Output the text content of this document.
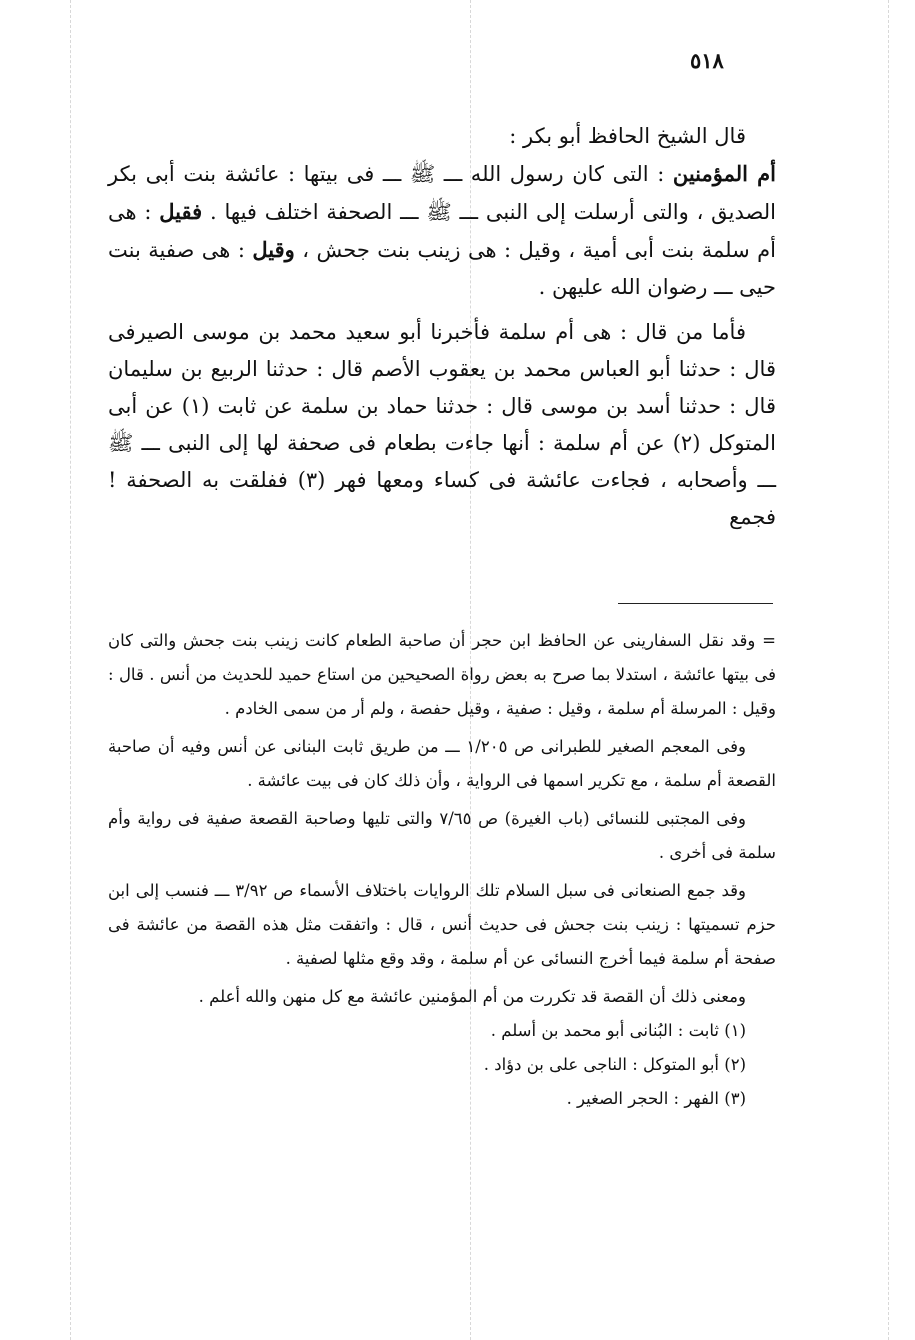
٥١٨

قال الشيخ الحافظ أبو بكر :

أم المؤمنين : التى كان رسول الله ـــ ﷺ ـــ فى بيتها : عائشة بنت أبى بكر الصديق ، والتى أرسلت إلى النبى ـــ ﷺ ـــ الصحفة اختلف فيها . فقيل : هى أم سلمة بنت أبى أمية ، وقيل : هى زينب بنت جحش ، وقيل : هى صفية بنت حيى ـــ رضوان الله عليهن .

فأما من قال : هى أم سلمة فأخبرنا أبو سعيد محمد بن موسى الصيرفى قال : حدثنا أبو العباس محمد بن يعقوب الأصم قال : حدثنا الربيع بن سليمان قال : حدثنا أسد بن موسى قال : حدثنا حماد بن سلمة عن ثابت (١) عن أبى المتوكل (٢) عن أم سلمة : أنها جاءت بطعام فى صحفة لها إلى النبى ـــ ﷺ ـــ وأصحابه ، فجاءت عائشة فى كساء ومعها فهر (٣) ففلقت به الصحفة ! فجمع

= وقد نقل السفارينى عن الحافظ ابن حجر أن صاحبة الطعام كانت زينب بنت جحش والتى كان فى بيتها عائشة ، استدلا بما صرح به بعض رواة الصحيحين من استاع حميد للحديث من أنس . قال : وقيل : المرسلة أم سلمة ، وقيل : صفية ، وقيل حفصة ، ولم أر من سمى الخادم .

وفى المعجم الصغير للطبرانى ص ١/٢٠٥ ـــ من طريق ثابت البنانى عن أنس وفيه أن صاحبة القصعة أم سلمة ، مع تكرير اسمها فى الرواية ، وأن ذلك كان فى بيت عائشة .

وفى المجتبى للنسائى (باب الغيرة) ص ٧/٦٥ والتى تليها وصاحبة القصعة صفية فى رواية وأم سلمة فى أخرى .

وقد جمع الصنعانى فى سبل السلام تلك الروايات باختلاف الأسماء ص ٣/٩٢ ـــ فنسب إلى ابن حزم تسميتها : زينب بنت جحش فى حديث أنس ، قال : واتفقت مثل هذه القصة من عائشة فى صفحة أم سلمة فيما أخرج النسائى عن أم سلمة ، وقد وقع مثلها لصفية .

ومعنى ذلك أن القصة قد تكررت من أم المؤمنين عائشة مع كل منهن والله أعلم .

(١) ثابت : البُنانى أبو محمد بن أسلم .

(٢) أبو المتوكل : الناجى على بن دؤاد .

(٣) الفهر : الحجر الصغير .
